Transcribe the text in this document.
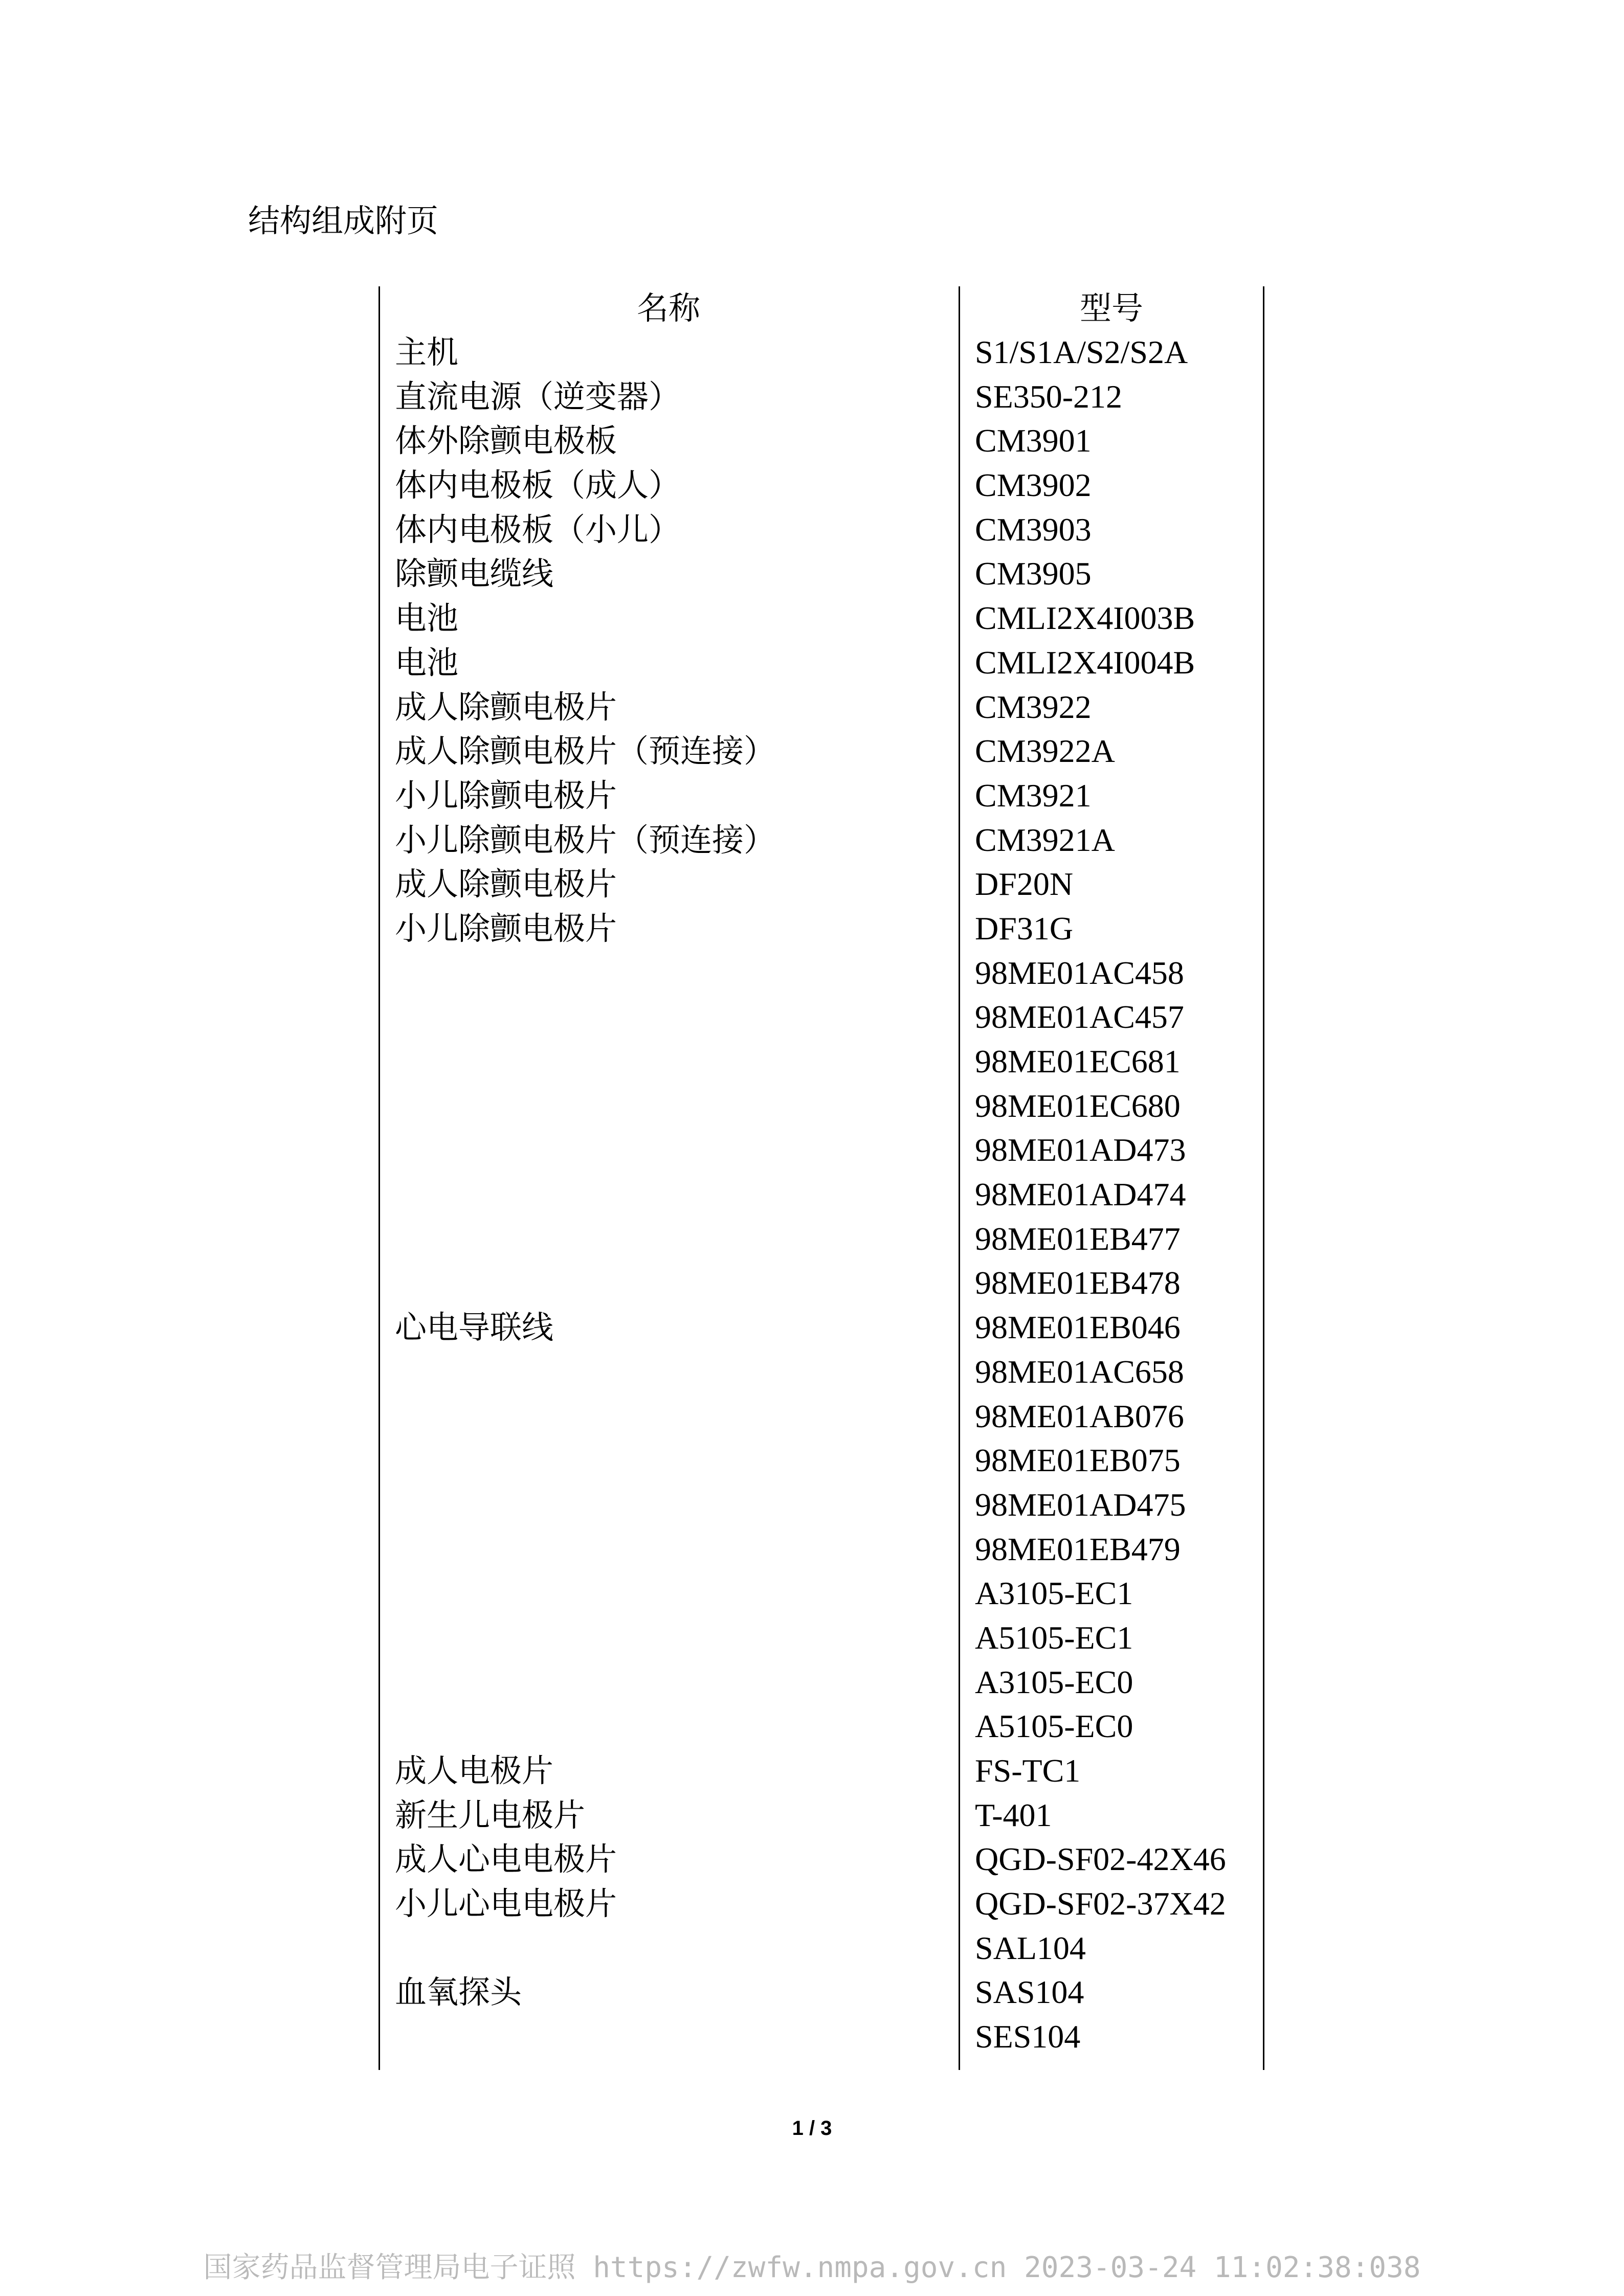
结构组成附页
名称	型号
主机
直流电源（逆变器）
体外除颤电极板
体内电极板（成人）
体内电极板（小儿）
除颤电缆线
电池
电池
成人除颤电极片
成人除颤电极片（预连接）
小儿除颤电极片
小儿除颤电极片（预连接）
成人除颤电极片
小儿除颤电极片
心电导联线
成人电极片
新生儿电极片
成人心电电极片
小儿心电电极片
血氧探头
S1/S1A/S2/S2A
SE350-212
CM3901
CM3902
CM3903
CM3905
CMLI2X4I003B
CMLI2X4I004B
CM3922
CM3922A
CM3921
CM3921A
DF20N
DF31G
98ME01AC458
98ME01AC457
98ME01EC681
98ME01EC680
98ME01AD473
98ME01AD474
98ME01EB477
98ME01EB478
98ME01EB046
98ME01AC658
98ME01AB076
98ME01EB075
98ME01AD475
98ME01EB479
A3105-EC1
A5105-EC1
A3105-EC0
A5105-EC0
FS-TC1
T-401
QGD-SF02-42X46
QGD-SF02-37X42
SAL104
SAS104
SES104
1 / 3
国家药品监督管理局电子证照 https://zwfw.nmpa.gov.cn 2023-03-24 11:02:38:038
